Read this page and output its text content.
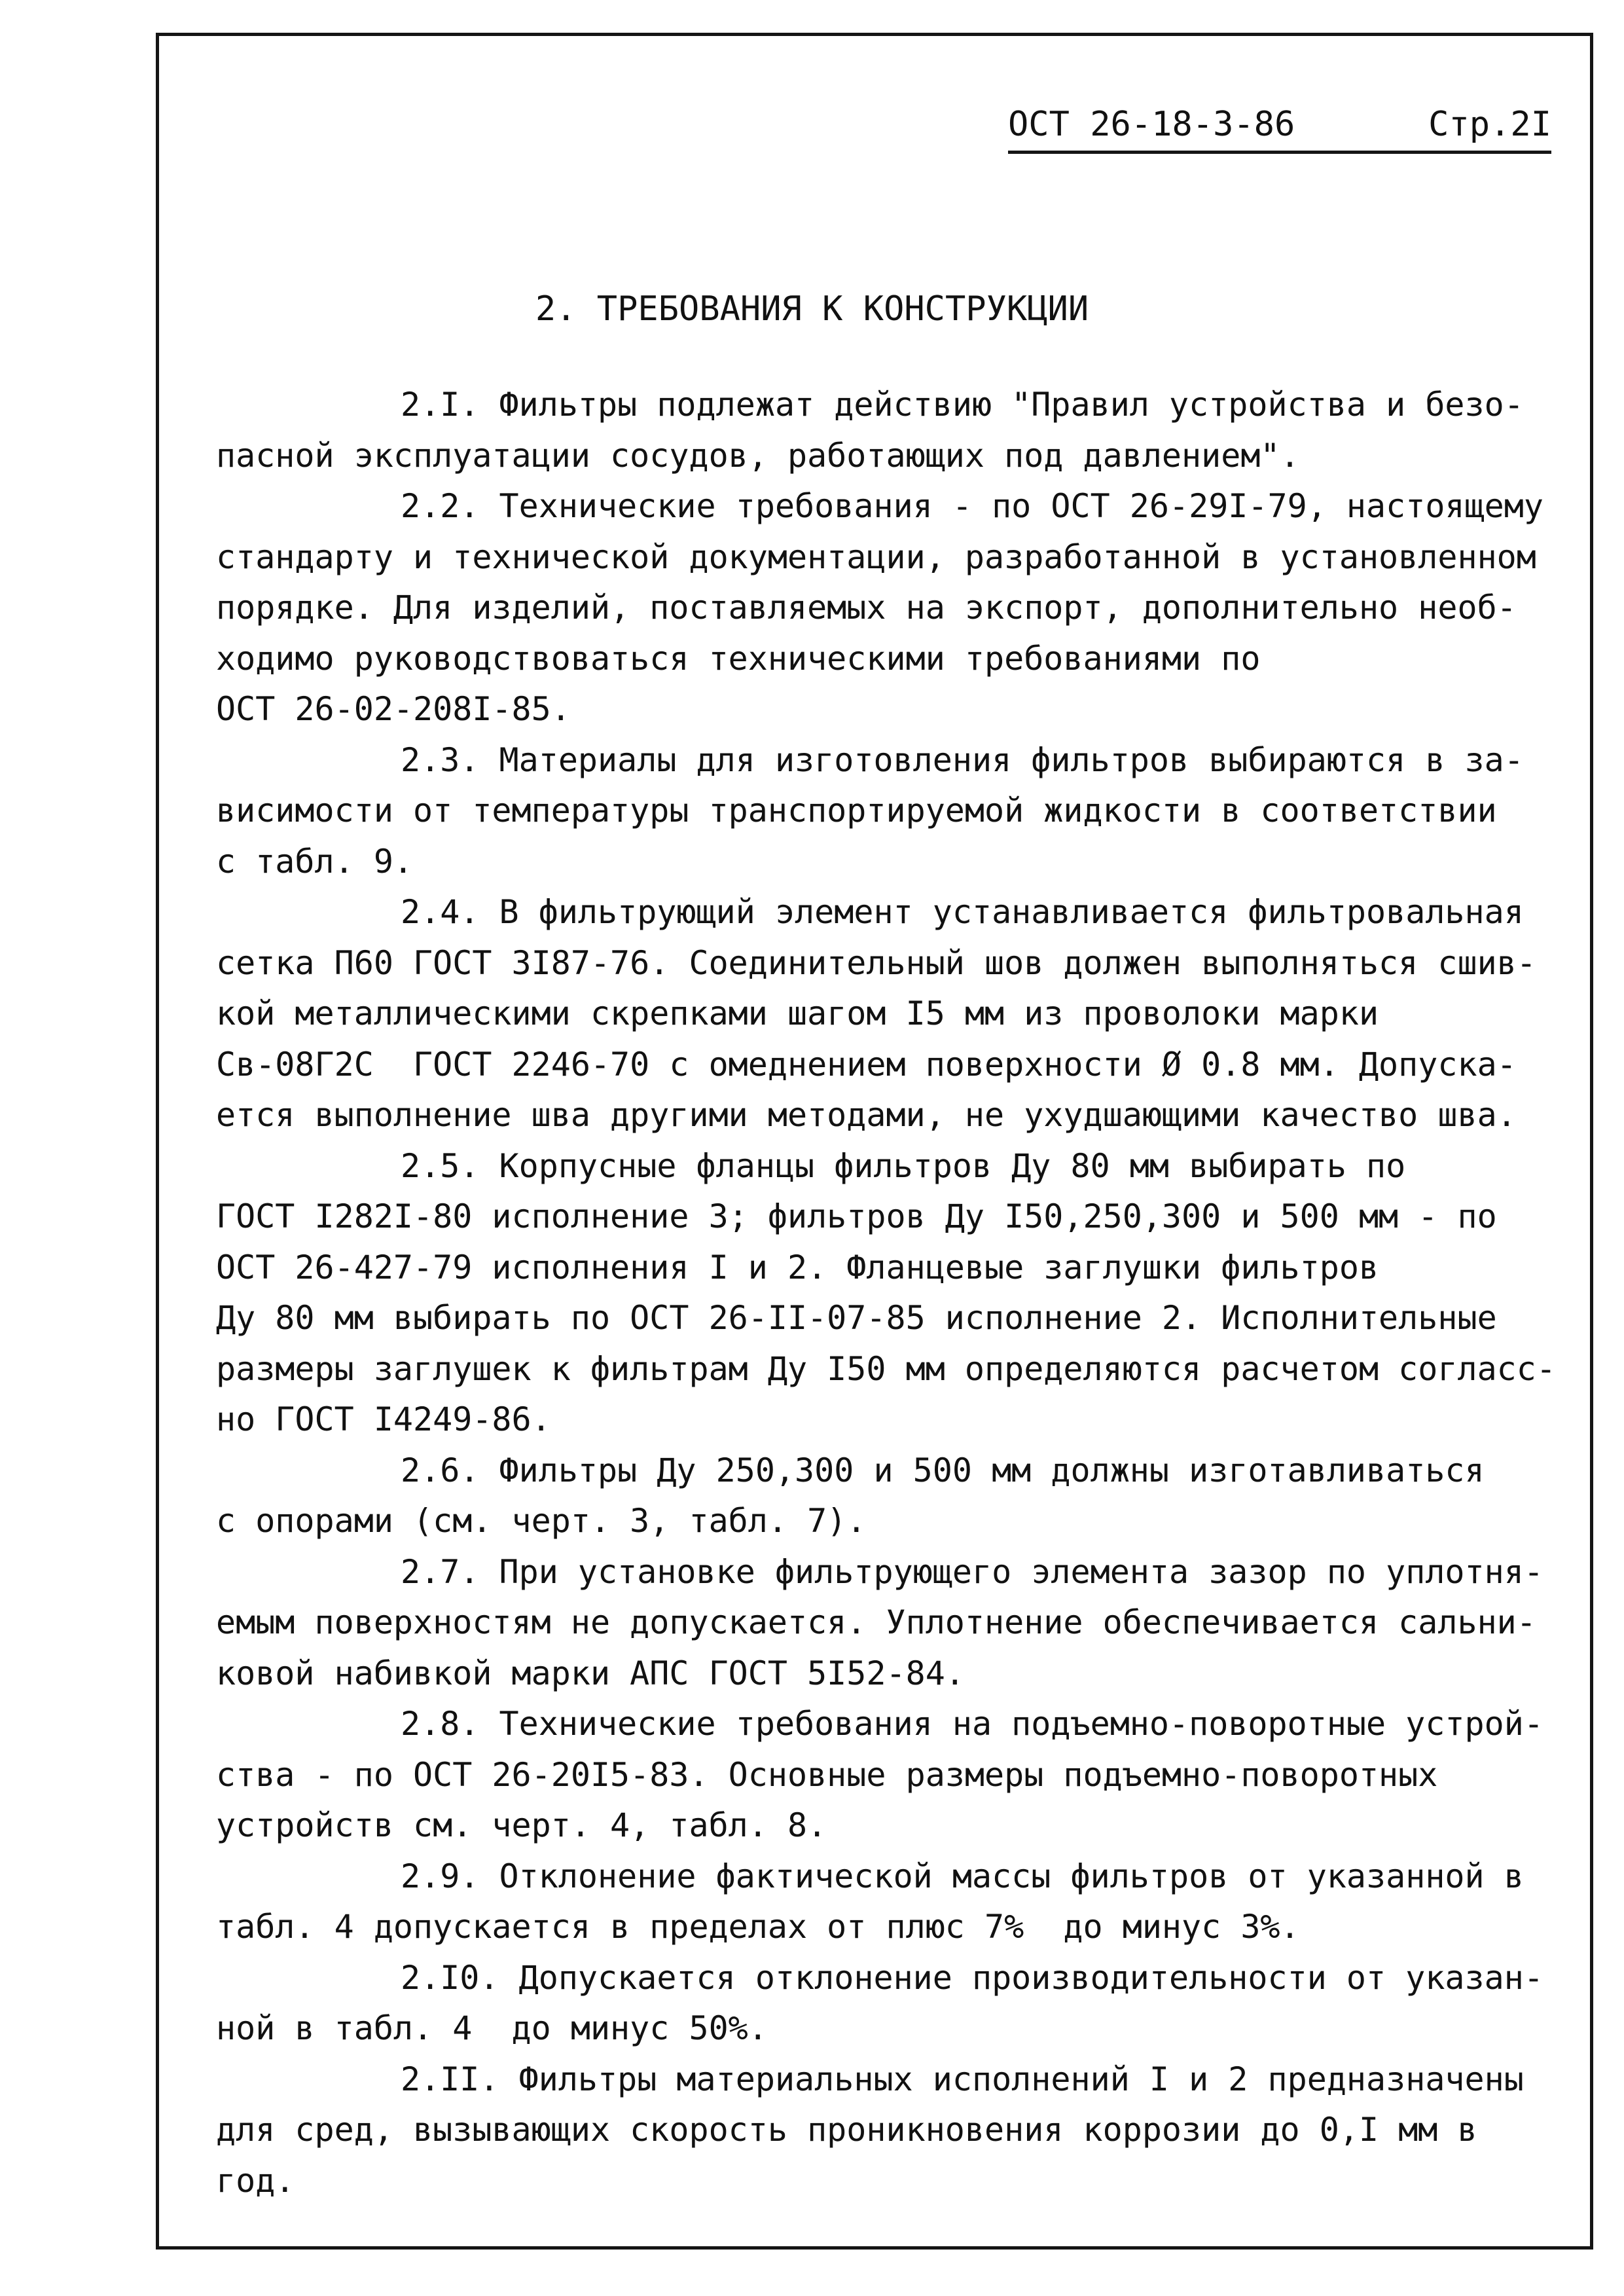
ОСТ 26-18-3-86	Стр.2I
2. ТРЕБОВАНИЯ К КОНСТРУКЦИИ
2.I. Фильтры подлежат действию "Правил устройства и безо-
пасной эксплуатации сосудов, работающих под давлением".
2.2. Технические требования - по ОСТ 26-29I-79, настоящему
стандарту и технической документации, разработанной в установленном
порядке. Для изделий, поставляемых на экспорт, дополнительно необ-
ходимо руководствоваться техническими требованиями по
ОСТ 26-02-208I-85.
2.3. Материалы для изготовления фильтров выбираются в за-
висимости от температуры транспортируемой жидкости в соответствии
с табл. 9.
2.4. В фильтрующий элемент устанавливается фильтровальная
сетка П60 ГОСТ 3I87-76. Соединительный шов должен выполняться сшив-
кой металлическими скрепками шагом I5 мм из проволоки марки
Св-08Г2С  ГОСТ 2246-70 с омеднением поверхности Ø 0.8 мм. Допуска-
ется выполнение шва другими методами, не ухудшающими качество шва.
2.5. Корпусные фланцы фильтров Ду 80 мм выбирать по
ГОСТ I282I-80 исполнение 3; фильтров Ду I50,250,300 и 500 мм - по
ОСТ 26-427-79 исполнения I и 2. Фланцевые заглушки фильтров
Ду 80 мм выбирать по ОСТ 26-II-07-85 исполнение 2. Исполнительные
размеры заглушек к фильтрам Ду I50 мм определяются расчетом согласс-
но ГОСТ I4249-86.
2.6. Фильтры Ду 250,300 и 500 мм должны изготавливаться
с опорами (см. черт. 3, табл. 7).
2.7. При установке фильтрующего элемента зазор по уплотня-
емым поверхностям не допускается. Уплотнение обеспечивается сальни-
ковой набивкой марки АПС ГОСТ 5I52-84.
2.8. Технические требования на подъемно-поворотные устрой-
ства - по ОСТ 26-20I5-83. Основные размеры подъемно-поворотных
устройств см. черт. 4, табл. 8.
2.9. Отклонение фактической массы фильтров от указанной в
табл. 4 допускается в пределах от плюс 7%  до минус 3%.
2.I0. Допускается отклонение производительности от указан-
ной в табл. 4  до минус 50%.
2.II. Фильтры материальных исполнений I и 2 предназначены
для сред, вызывающих скорость проникновения коррозии до 0,I мм в
год.
